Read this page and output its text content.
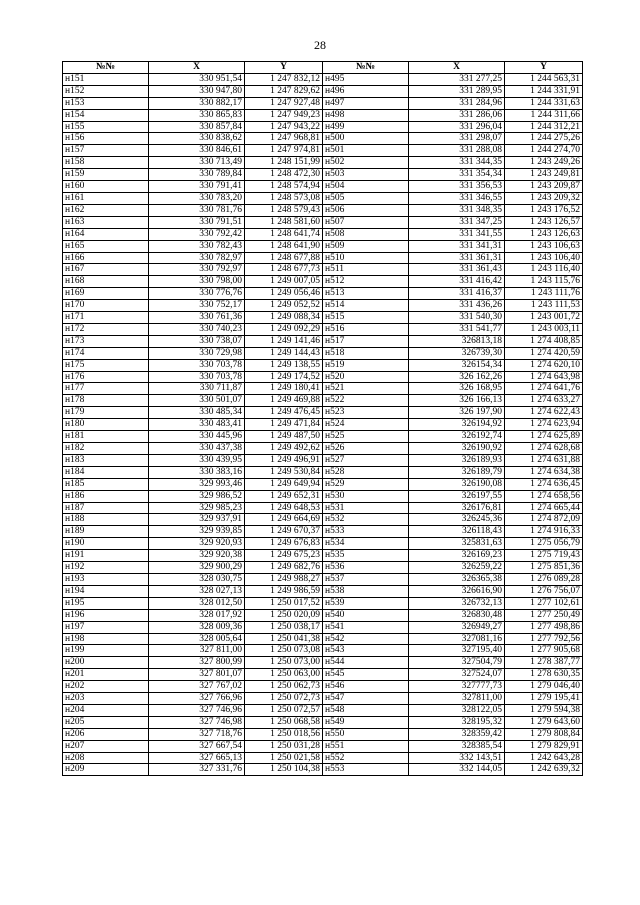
28
№№	X	Y	№№	X	Y
н151	330 951,54	1 247 832,12	н495	331 277,25	1 244 563,31
н152	330 947,80	1 247 829,62	н496	331 289,95	1 244 331,91
н153	330 882,17	1 247 927,48	н497	331 284,96	1 244 331,63
н154	330 865,83	1 247 949,23	н498	331 286,06	1 244 311,66
н155	330 857,84	1 247 943,22	н499	331 296,04	1 244 312,21
н156	330 838,62	1 247 968,81	н500	331 298,07	1 244 275,26
н157	330 846,61	1 247 974,81	н501	331 288,08	1 244 274,70
н158	330 713,49	1 248 151,99	н502	331 344,35	1 243 249,26
н159	330 789,84	1 248 472,30	н503	331 354,34	1 243 249,81
н160	330 791,41	1 248 574,94	н504	331 356,53	1 243 209,87
н161	330 783,20	1 248 573,08	н505	331 346,55	1 243 209,32
н162	330 781,76	1 248 579,43	н506	331 348,35	1 243 176,52
н163	330 791,51	1 248 581,60	н507	331 347,25	1 243 126,57
н164	330 792,42	1 248 641,74	н508	331 341,55	1 243 126,63
н165	330 782,43	1 248 641,90	н509	331 341,31	1 243 106,63
н166	330 782,97	1 248 677,88	н510	331 361,31	1 243 106,40
н167	330 792,97	1 248 677,73	н511	331 361,43	1 243 116,40
н168	330 798,00	1 249 007,05	н512	331 416,42	1 243 115,76
н169	330 776,76	1 249 056,46	н513	331 416,37	1 243 111,76
н170	330 752,17	1 249 052,52	н514	331 436,26	1 243 111,53
н171	330 761,36	1 249 088,34	н515	331 540,30	1 243 001,72
н172	330 740,23	1 249 092,29	н516	331 541,77	1 243 003,11
н173	330 738,07	1 249 141,46	н517	326813,18	1 274 408,85
н174	330 729,98	1 249 144,43	н518	326739,30	1 274 420,59
н175	330 703,78	1 249 138,55	н519	326154,34	1 274 620,10
н176	330 703,78	1 249 174,52	н520	326 162,26	1 274 643,98
н177	330 711,87	1 249 180,41	н521	326 168,95	1 274 641,76
н178	330 501,07	1 249 469,88	н522	326 166,13	1 274 633,27
н179	330 485,34	1 249 476,45	н523	326 197,90	1 274 622,43
н180	330 483,41	1 249 471,84	н524	326194,92	1 274 623,94
н181	330 445,96	1 249 487,50	н525	326192,74	1 274 625,89
н182	330 437,38	1 249 492,62	н526	326190,92	1 274 628,68
н183	330 439,95	1 249 496,91	н527	326189,93	1 274 631,88
н184	330 383,16	1 249 530,84	н528	326189,79	1 274 634,38
н185	329 993,46	1 249 649,94	н529	326190,08	1 274 636,45
н186	329 986,52	1 249 652,31	н530	326197,55	1 274 658,56
н187	329 985,23	1 249 648,53	н531	326176,81	1 274 665,44
н188	329 937,91	1 249 664,69	н532	326245,36	1 274 872,09
н189	329 939,85	1 249 670,37	н533	326118,43	1 274 916,33
н190	329 920,93	1 249 676,83	н534	325831,63	1 275 056,79
н191	329 920,38	1 249 675,23	н535	326169,23	1 275 719,43
н192	329 900,29	1 249 682,76	н536	326259,22	1 275 851,36
н193	328 030,75	1 249 988,27	н537	326365,38	1 276 089,28
н194	328 027,13	1 249 986,59	н538	326616,90	1 276 756,07
н195	328 012,50	1 250 017,52	н539	326732,13	1 277 102,61
н196	328 017,92	1 250 020,09	н540	326830,48	1 277 250,49
н197	328 009,36	1 250 038,17	н541	326949,27	1 277 498,86
н198	328 005,64	1 250 041,38	н542	327081,16	1 277 792,56
н199	327 811,00	1 250 073,08	н543	327195,40	1 277 905,68
н200	327 800,99	1 250 073,00	н544	327504,79	1 278 387,77
н201	327 801,07	1 250 063,00	н545	327524,07	1 278 630,35
н202	327 767,02	1 250 062,73	н546	327777,73	1 279 046,40
н203	327 766,96	1 250 072,73	н547	327811,00	1 279 195,41
н204	327 746,96	1 250 072,57	н548	328122,05	1 279 594,38
н205	327 746,98	1 250 068,58	н549	328195,32	1 279 643,60
н206	327 718,76	1 250 018,56	н550	328359,42	1 279 808,84
н207	327 667,54	1 250 031,28	н551	328385,54	1 279 829,91
н208	327 665,13	1 250 021,58	н552	332 143,51	1 242 643,28
н209	327 331,76	1 250 104,38	н553	332 144,05	1 242 639,32
